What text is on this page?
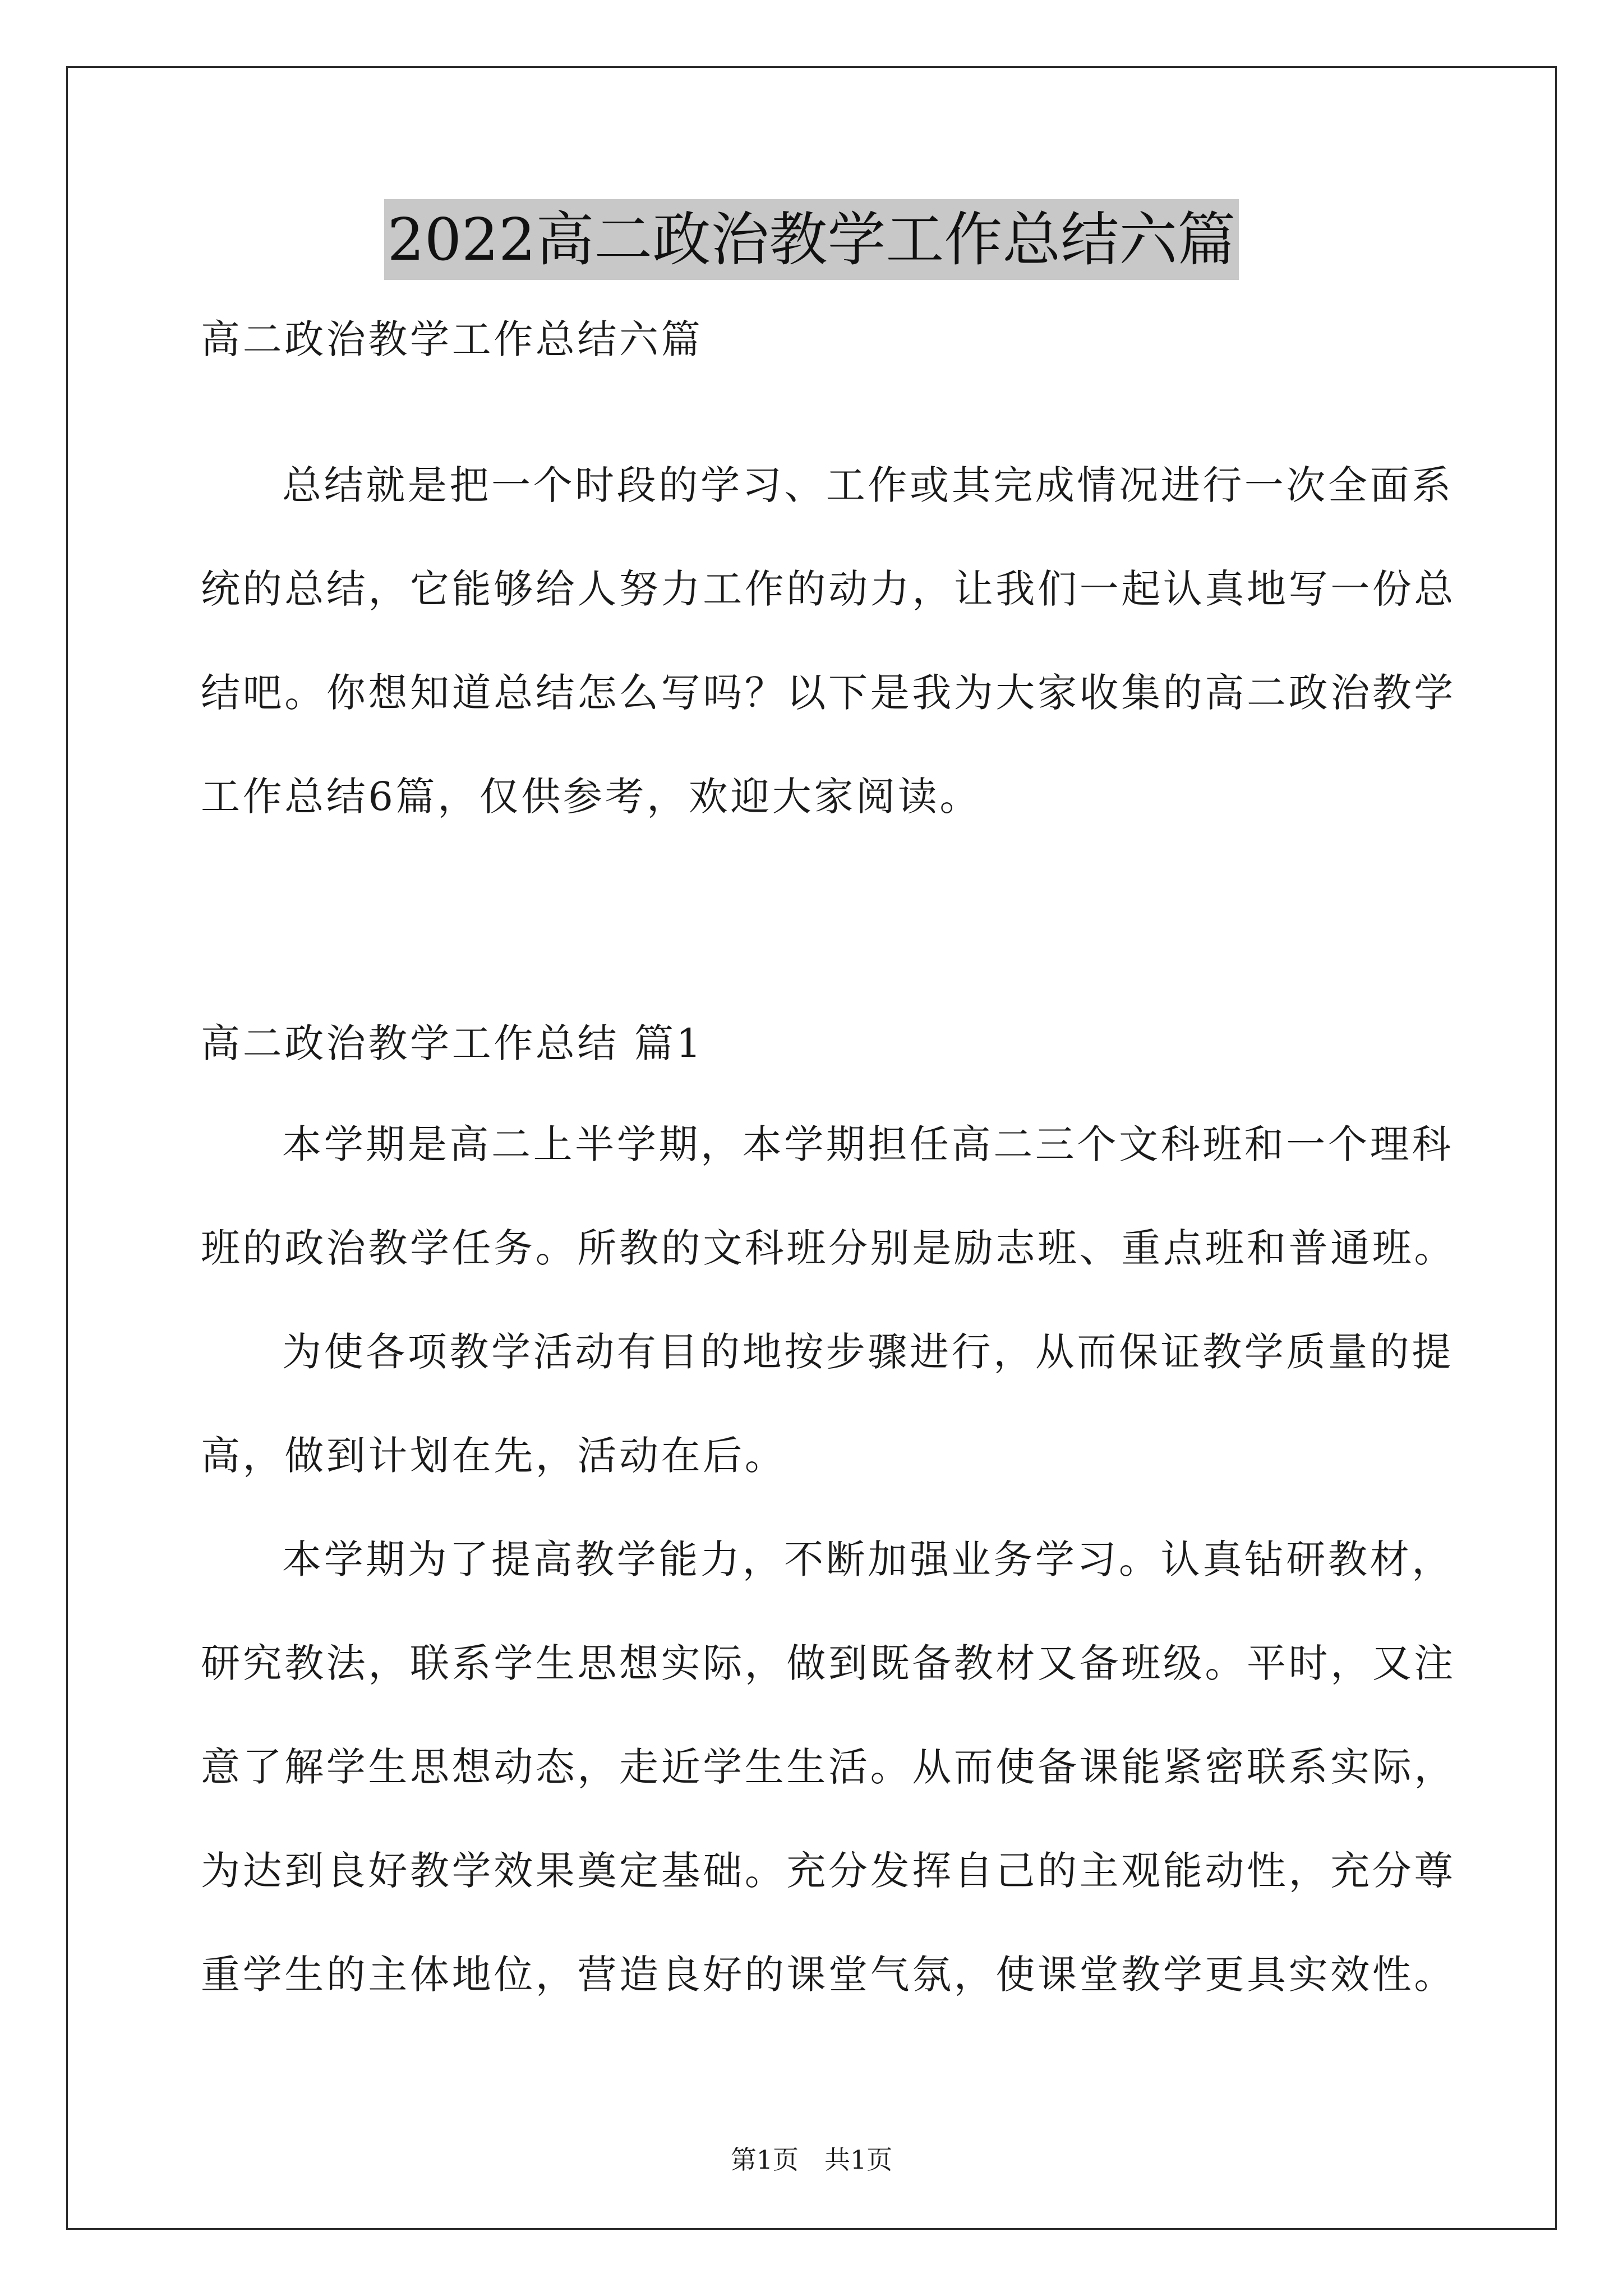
2022高二政治教学工作总结六篇
高二政治教学工作总结六篇
总结就是把一个时段的学习、工作或其完成情况进行一次全面系
统的总结，它能够给人努力工作的动力，让我们一起认真地写一份总
结吧。你想知道总结怎么写吗？以下是我为大家收集的高二政治教学
工作总结6篇，仅供参考，欢迎大家阅读。
高二政治教学工作总结 篇1
本学期是高二上半学期，本学期担任高二三个文科班和一个理科
班的政治教学任务。所教的文科班分别是励志班、重点班和普通班。
为使各项教学活动有目的地按步骤进行，从而保证教学质量的提
高，做到计划在先，活动在后。
本学期为了提高教学能力，不断加强业务学习。认真钻研教材，
研究教法，联系学生思想实际，做到既备教材又备班级。平时，又注
意了解学生思想动态，走近学生生活。从而使备课能紧密联系实际，
为达到良好教学效果奠定基础。充分发挥自己的主观能动性，充分尊
重学生的主体地位，营造良好的课堂气氛，使课堂教学更具实效性。
第1页 共1页
